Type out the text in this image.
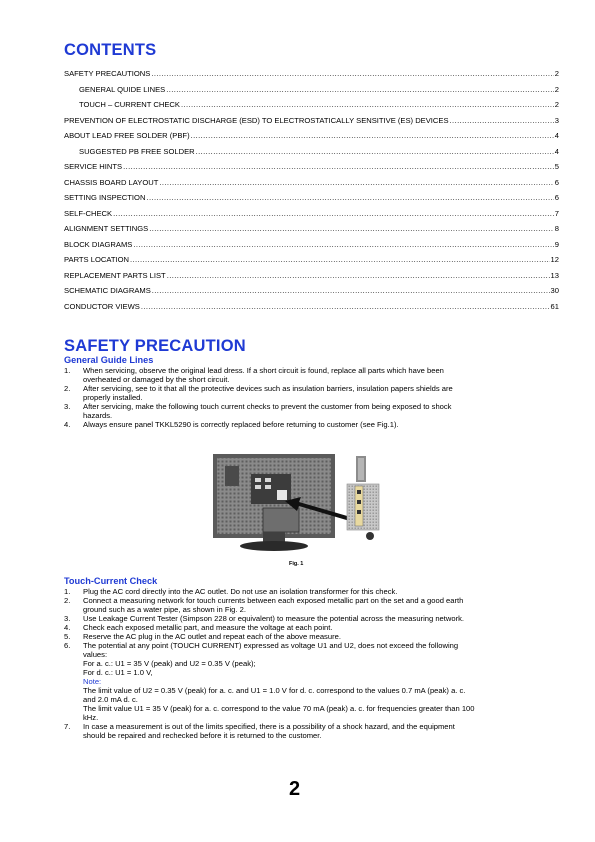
CONTENTS
SAFETY PRECAUTIONS .....	2
GENERAL QUIDE LINES .....	2
TOUCH – CURRENT CHECK .....	2
PREVENTION OF ELECTROSTATIC DISCHARGE (ESD) TO ELECTROSTATICALLY SENSITIVE (ES) DEVICES .....	3
ABOUT LEAD FREE SOLDER (PBF) .....	4
SUGGESTED PB FREE SOLDER .....	4
SERVICE HINTS .....	5
CHASSIS BOARD LAYOUT .....	6
SETTING INSPECTION .....	6
SELF-CHECK .....	7
ALIGNMENT SETTINGS .....	8
BLOCK DIAGRAMS .....	9
PARTS LOCATION .....	12
REPLACEMENT PARTS LIST .....	13
SCHEMATIC DIAGRAMS .....	30
CONDUCTOR VIEWS .....	61
SAFETY PRECAUTION
General Guide Lines
1.	When servicing, observe the original lead dress. If a short circuit is found, replace all parts which have been
overheated or damaged by the short circuit.
2.	After servicing, see to it that all the protective devices such as insulation barriers, insulation papers shields are
properly installed.
3.	After servicing, make the following touch current checks to prevent the customer from being exposed to shock
hazards.
4.	Always ensure panel TKKL5290 is correctly replaced before returning to customer (see Fig.1).
Fig. 1
Touch-Current Check
1.	Plug the AC cord directly into the AC outlet. Do not use an isolation transformer for this check.
2.	Connect a measuring network for touch currents between each exposed metallic part on the set and a good earth
ground such as a water pipe, as shown in Fig. 2.
3.	Use Leakage Current Tester (Simpson 228 or equivalent) to measure the potential across the measuring network.
4.	Check each exposed metallic part, and measure the voltage at each point.
5.	Reserve the AC plug in the AC outlet and repeat each of the above measure.
6.	The potential at any point (TOUCH CURRENT) expressed as voltage U1 and U2, does not exceed the following
values:
For a. c.: U1 = 35 V (peak) and U2 = 0.35 V (peak);
For d. c.: U1 = 1.0 V,
Note:
The limit value of U2 = 0.35 V (peak) for a. c. and U1 = 1.0 V for d. c. correspond to the values 0.7 mA (peak) a. c.
and 2.0 mA d. c.
The limit value U1 = 35 V (peak) for a. c. correspond to the value 70 mA (peak) a. c. for frequencies greater than 100
kHz.
7.	In case a measurement is out of the limits specified, there is a possibility of a shock hazard, and the equipment
should be repaired and rechecked before it is returned to the customer.
2
